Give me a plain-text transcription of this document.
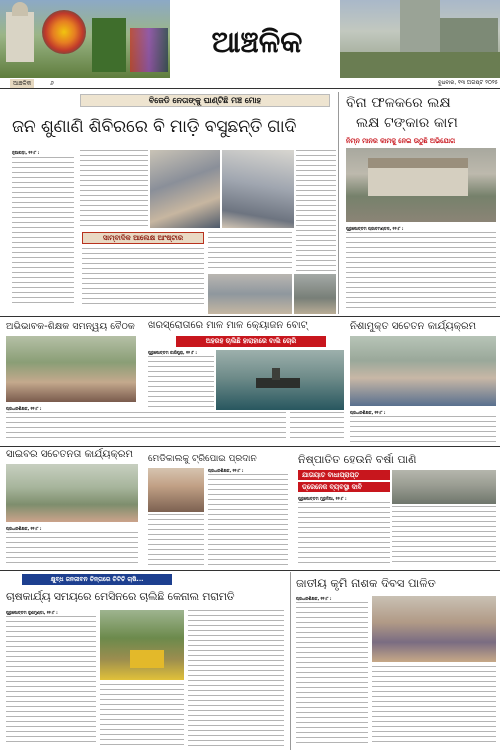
ଆଞ୍ଚଳିକ
ଆଞ୍ଚଳିକ	୬	ବୁଧବାର, ୧୩ ଅଗଷ୍ଟ ୨୦୨୫
ବିଜେଡି ନେତାଙ୍କୁ ଘାଣ୍ଟିଛି ମଞ୍ଚ ମୋହ
ଜନ ଶୁଣାଣି ଶିବିରରେ ବି ମାଡ଼ି ବସୁଛନ୍ତି ଗାଦି
ନୂଆପଡ଼ା, ୧୨।୮ :
ସାମ୍ବାଦିକ ଆଲେକ୍ଷ ଆଂଷ୍ଟାର
ବିନା ଫଳକରେ ଲକ୍ଷ
ଲକ୍ଷ ଟଙ୍କାର କାମ
ନିମ୍ନ ମାନର କାମକୁ ନେଇ ଉଠୁଛି ଅଭିଯୋଗ
ପୁରୁଷୋତ୍ତମ ପ୍ରୀତମଣ୍ଡଳ, ୧୨।୮ :
ଅଭିଭାବକ-ଶିକ୍ଷକ ସମନ୍ୱୟ ବୈଠକ
ପ୍ରଧାନଶିକ୍ଷକ, ୧୨।୮ :
ଖରସ୍ରୋତାରେ ମାଳ ମାଳ କ୍ୟୋଜନ ବୋଟ୍
ଅହରହ ଚାଲିଛି ହାରାହାରେ ବାଲି ଚୋରି
ପୁରୁଷୋତ୍ତମ କାରିପୁରା, ୧୨।୮ :
ନିଶାମୁକ୍ତ ସଚେତନ କାର୍ଯ୍ୟକ୍ରମ
ପ୍ରଧାନଶିକ୍ଷକ, ୧୨।୮ :
ସାଇବର ସଚେତନତା କାର୍ଯ୍ୟକ୍ରମ
ପ୍ରଧାନଶିକ୍ଷକ, ୧୨।୮ :
ମେଡିକାଲକୁ ଟ୍ରିପୋଇ ପ୍ରଦାନ
ପ୍ରଧାନଶିକ୍ଷକ, ୧୨।୮ :
ନିଷ୍ପାତିତ ହେଉନି ବର୍ଷା ପାଣି
ଯାତାୟାତ ବାଧାପ୍ରାପ୍ତ
ଡ୍ରେନେଜ ବ୍ୟବସ୍ଥା ଦାବି
ପୁରୁଷୋତ୍ତମ ମୁରୁଳିଆ, ୧୨।୮ :
କ୍ଷୁବ୍ଧ ଜନଜୀବନ ଚିନ୍ତାରେ ଚିଟିଚି ଚାଷି...
ଚାଷକାର୍ଯ୍ୟ ସମୟରେ ମେସିନରେ ଚାଲିଛି କେନାଲ ମରାମତି
ପୁରୁଷୋତ୍ତମ କୁଶମୁଣ୍ଡା, ୧୨।୮ :
ଜାତୀୟ କୃମି ନାଶକ ଦିବସ ପାଳିତ
ପ୍ରଧାନଶିକ୍ଷକ, ୧୨।୮ :
